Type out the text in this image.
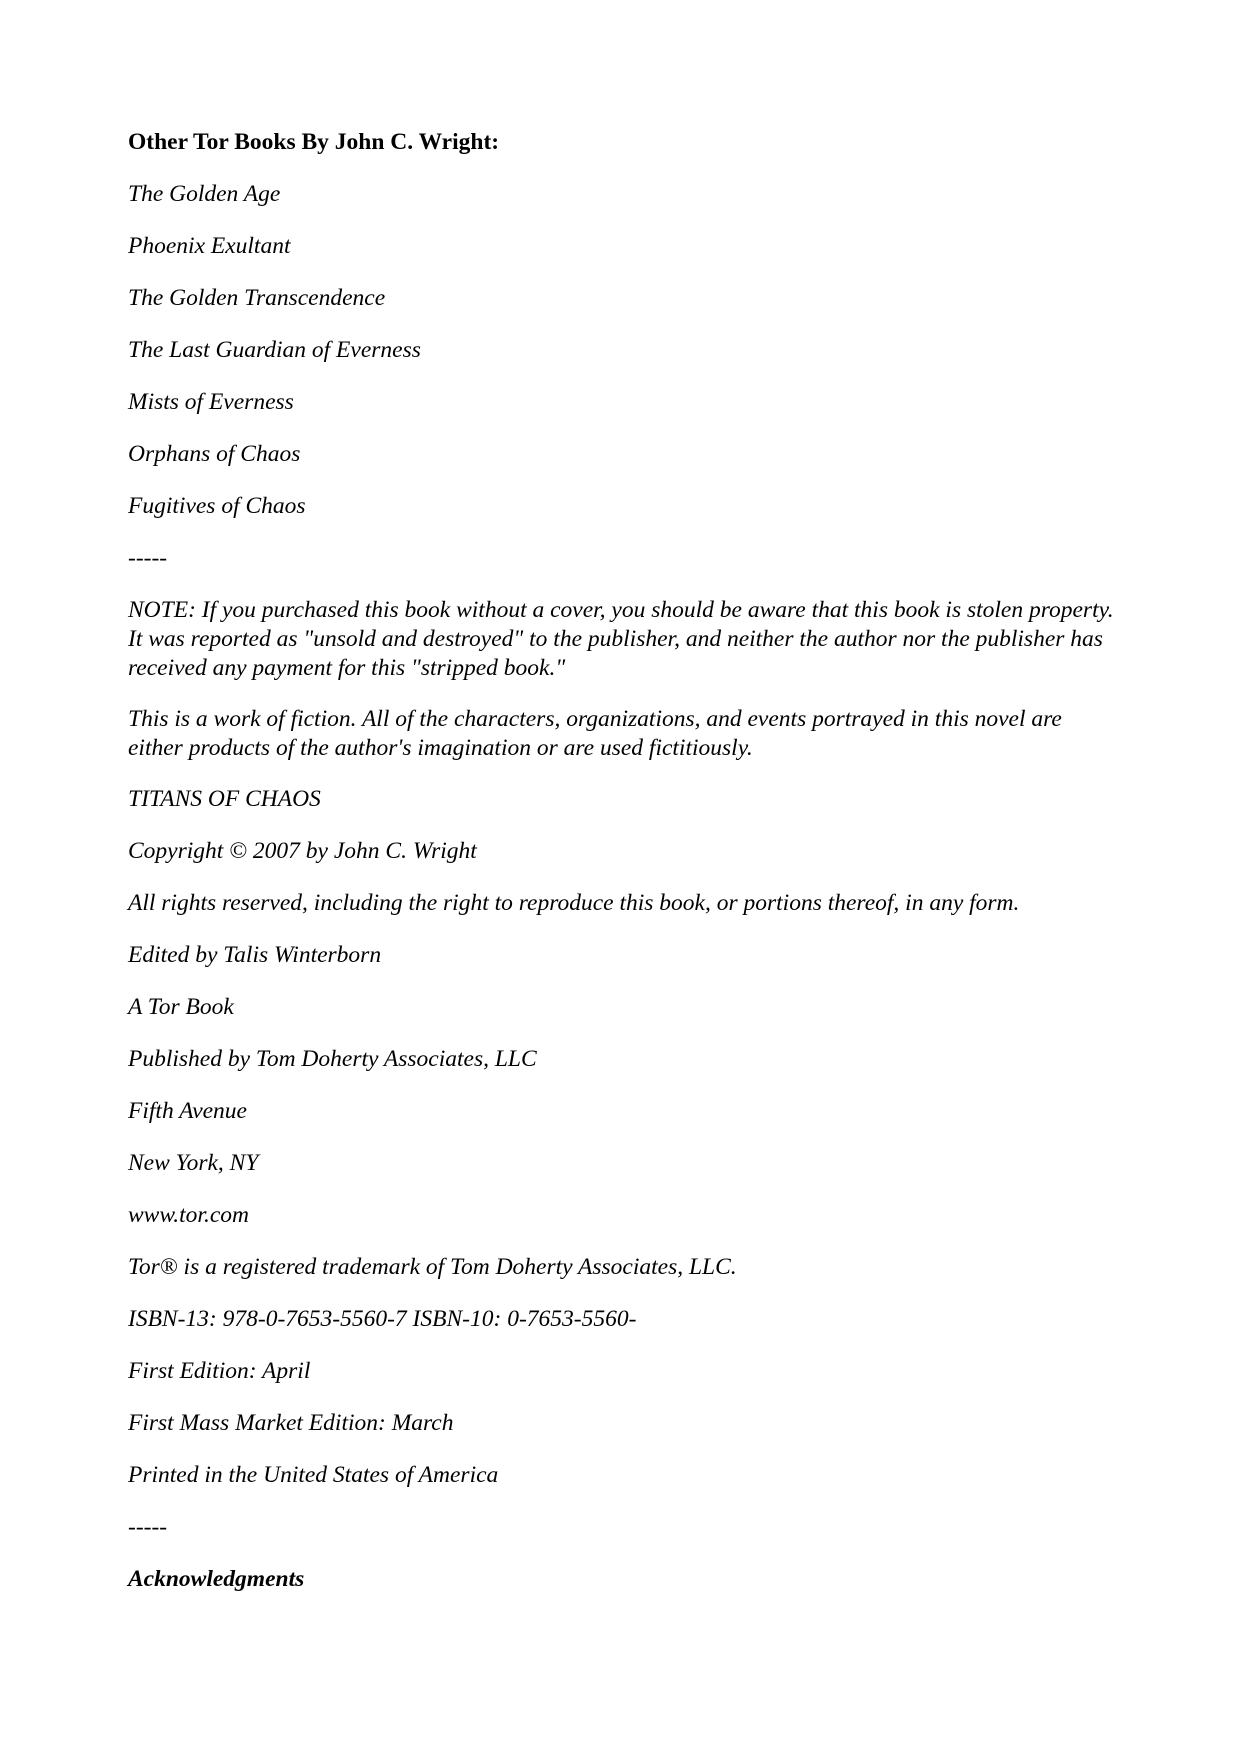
Other Tor Books By John C. Wright:

The Golden Age

Phoenix Exultant

The Golden Transcendence

The Last Guardian of Everness

Mists of Everness

Orphans of Chaos

Fugitives of Chaos

-----

NOTE: If you purchased this book without a cover, you should be aware that this book is stolen property. It was reported as "unsold and destroyed" to the publisher, and neither the author nor the publisher has received any payment for this "stripped book."

This is a work of fiction. All of the characters, organizations, and events portrayed in this novel are either products of the author's imagination or are used fictitiously.

TITANS OF CHAOS

Copyright © 2007 by John C. Wright

All rights reserved, including the right to reproduce this book, or portions thereof, in any form.

Edited by Talis Winterborn

A Tor Book

Published by Tom Doherty Associates, LLC

Fifth Avenue

New York, NY

www.tor.com

Tor® is a registered trademark of Tom Doherty Associates, LLC.

ISBN-13: 978-0-7653-5560-7 ISBN-10: 0-7653-5560-

First Edition: April

First Mass Market Edition: March

Printed in the United States of America

-----

Acknowledgments
